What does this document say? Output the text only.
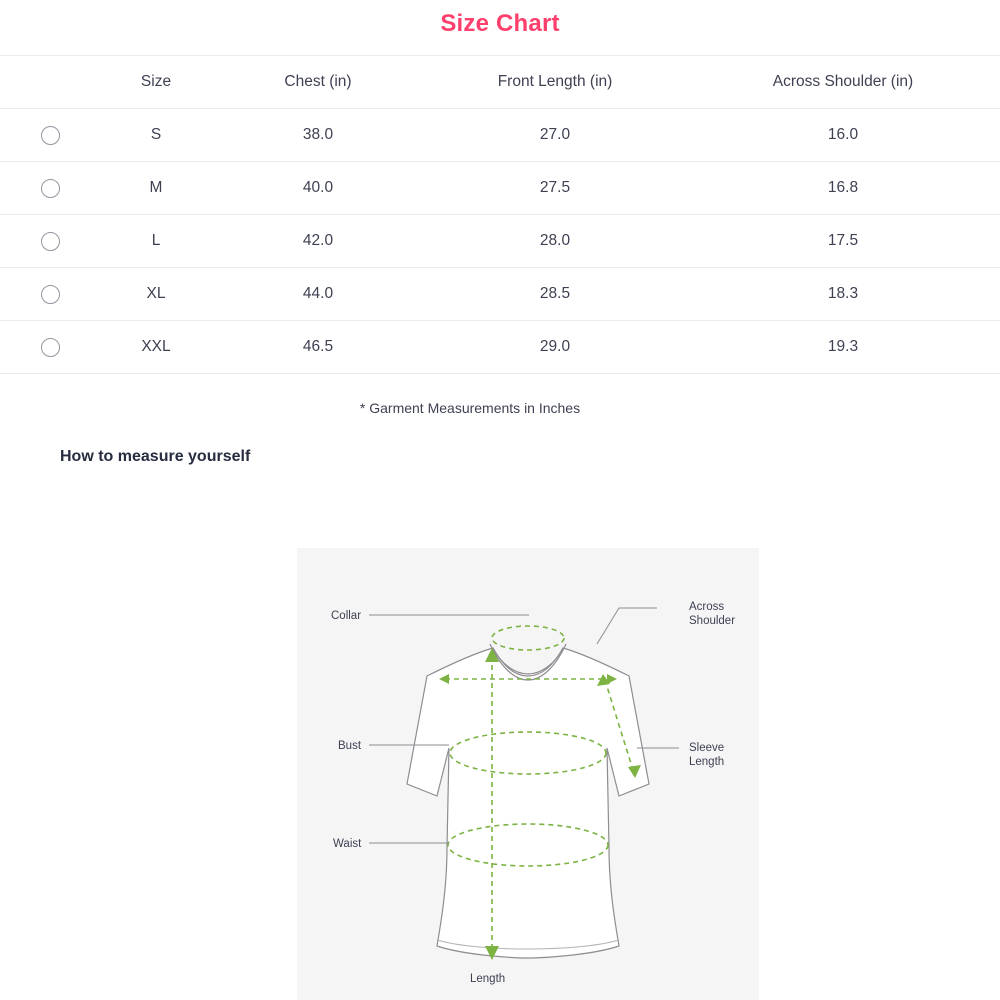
Size Chart
	Size	Chest (in)	Front Length (in)	Across Shoulder (in)
	S	38.0	27.0	16.0
	M	40.0	27.5	16.8
	L	42.0	28.0	17.5
	XL	44.0	28.5	18.3
	XXL	46.5	29.0	19.3
* Garment Measurements in Inches
How to measure yourself
Collar
Across
Shoulder
Bust	Sleeve
Length
Waist
Length
